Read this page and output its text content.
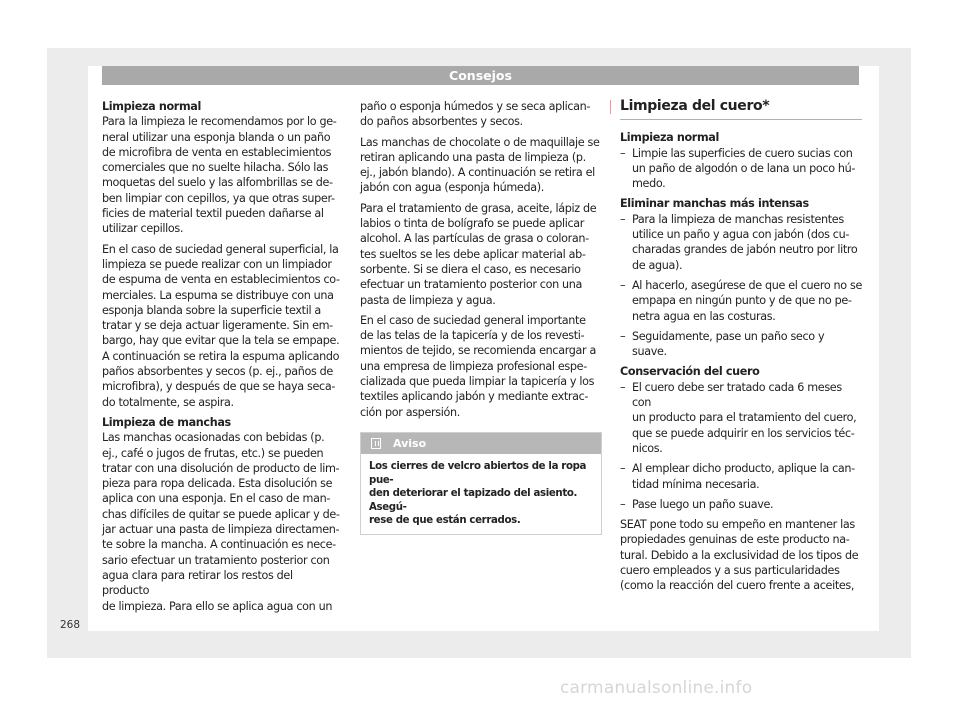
Consejos
Limpieza normal

Para la limpieza le recomendamos por lo ge-
neral utilizar una esponja blanda o un paño
de microfibra de venta en establecimientos
comerciales que no suelte hilacha. Sólo las
moquetas del suelo y las alfombrillas se de-
ben limpiar con cepillos, ya que otras super-
ficies de material textil pueden dañarse al
utilizar cepillos.

En el caso de suciedad general superficial, la
limpieza se puede realizar con un limpiador
de espuma de venta en establecimientos co-
merciales. La espuma se distribuye con una
esponja blanda sobre la superficie textil a
tratar y se deja actuar ligeramente. Sin em-
bargo, hay que evitar que la tela se empape.
A continuación se retira la espuma aplicando
paños absorbentes y secos (p. ej., paños de
microfibra), y después de que se haya seca-
do totalmente, se aspira.

Limpieza de manchas

Las manchas ocasionadas con bebidas (p.
ej., café o jugos de frutas, etc.) se pueden
tratar con una disolución de producto de lim-
pieza para ropa delicada. Esta disolución se
aplica con una esponja. En el caso de man-
chas difíciles de quitar se puede aplicar y de-
jar actuar una pasta de limpieza directamen-
te sobre la mancha. A continuación es nece-
sario efectuar un tratamiento posterior con
agua clara para retirar los restos del producto
de limpieza. Para ello se aplica agua con un

paño o esponja húmedos y se seca aplican-
do paños absorbentes y secos.

Las manchas de chocolate o de maquillaje se
retiran aplicando una pasta de limpieza (p.
ej., jabón blando). A continuación se retira el
jabón con agua (esponja húmeda).

Para el tratamiento de grasa, aceite, lápiz de
labios o tinta de bolígrafo se puede aplicar
alcohol. A las partículas de grasa o coloran-
tes sueltos se les debe aplicar material ab-
sorbente. Si se diera el caso, es necesario
efectuar un tratamiento posterior con una
pasta de limpieza y agua.

En el caso de suciedad general importante
de las telas de la tapicería y de los revesti-
mientos de tejido, se recomienda encargar a
una empresa de limpieza profesional espe-
cializada que pueda limpiar la tapicería y los
textiles aplicando jabón y mediante extrac-
ción por aspersión.

Aviso
Los cierres de velcro abiertos de la ropa pue-
den deteriorar el tapizado del asiento. Asegú-
rese de que están cerrados.
Limpieza del cuero*
Limpieza normal
– Limpie las superficies de cuero sucias con
un paño de algodón o de lana un poco hú-
medo.
Eliminar manchas más intensas
– Para la limpieza de manchas resistentes
utilice un paño y agua con jabón (dos cu-
charadas grandes de jabón neutro por litro
de agua).
– Al hacerlo, asegúrese de que el cuero no se
empapa en ningún punto y de que no pe-
netra agua en las costuras.
– Seguidamente, pase un paño seco y suave.
Conservación del cuero
– El cuero debe ser tratado cada 6 meses con
un producto para el tratamiento del cuero,
que se puede adquirir en los servicios téc-
nicos.
– Al emplear dicho producto, aplique la can-
tidad mínima necesaria.
– Pase luego un paño suave.

SEAT pone todo su empeño en mantener las
propiedades genuinas de este producto na-
tural. Debido a la exclusividad de los tipos de
cuero empleados y a sus particularidades
(como la reacción del cuero frente a aceites,

268
carmanualsonline.info
